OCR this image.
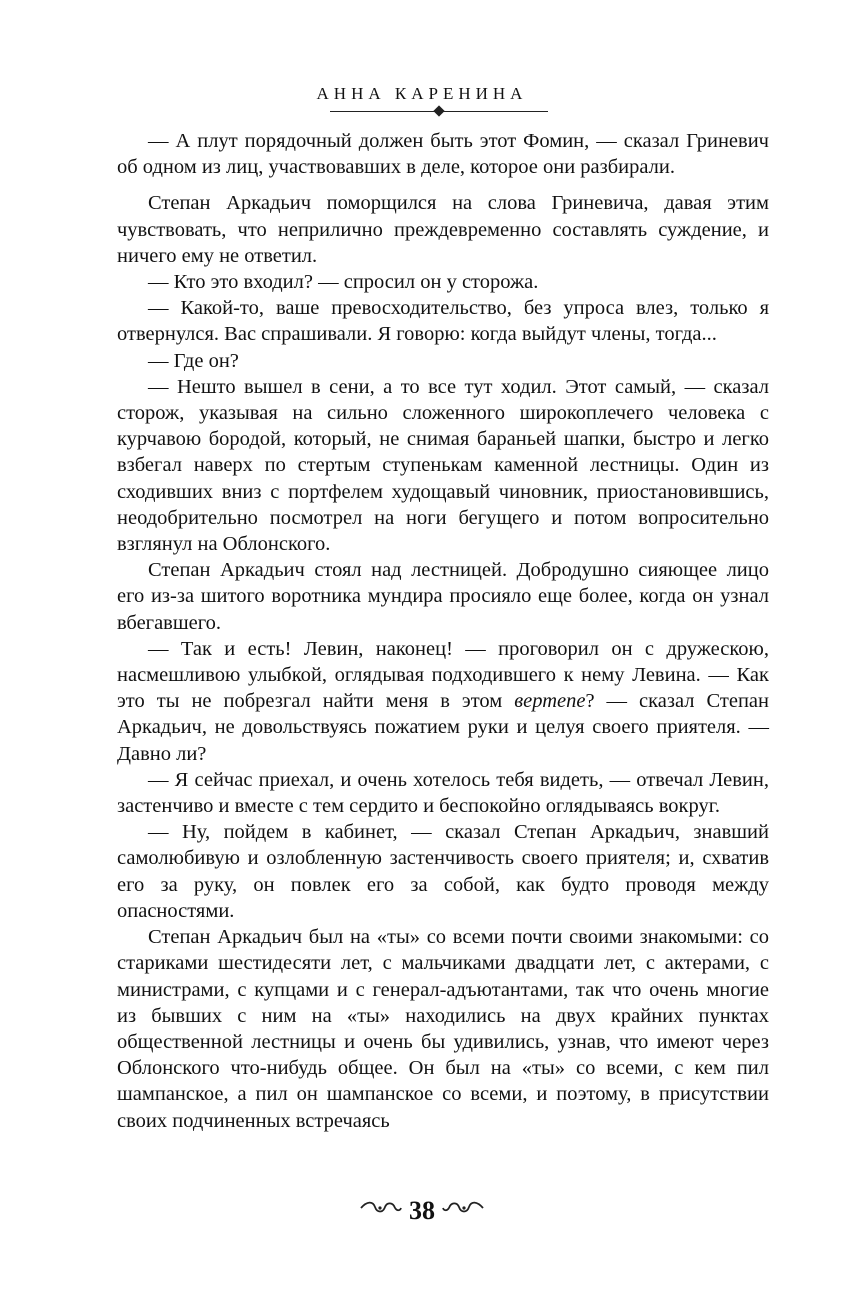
АННА КАРЕНИНА

— А плут порядочный должен быть этот Фомин, — сказал Гриневич об одном из лиц, участвовавших в деле, которое они разбирали.

Степан Аркадьич поморщился на слова Гриневича, давая этим чувствовать, что неприлично преждевременно составлять суждение, и ничего ему не ответил.

— Кто это входил? — спросил он у сторожа.

— Какой-то, ваше превосходительство, без упроса влез, только я отвернулся. Вас спрашивали. Я говорю: когда выйдут члены, тогда...

— Где он?

— Нешто вышел в сени, а то все тут ходил. Этот самый, — сказал сторож, указывая на сильно сложенного широкоплечего человека с курчавою бородой, который, не снимая бараньей шапки, быстро и легко взбегал наверх по стертым ступенькам каменной лестницы. Один из сходивших вниз с портфелем худощавый чиновник, приостановившись, неодобрительно посмотрел на ноги бегущего и потом вопросительно взглянул на Облонского.

Степан Аркадьич стоял над лестницей. Добродушно сияющее лицо его из-за шитого воротника мундира просияло еще более, когда он узнал вбегавшего.

— Так и есть! Левин, наконец! — проговорил он с дружескою, насмешливою улыбкой, оглядывая подходившего к нему Левина. — Как это ты не побрезгал найти меня в этом вертепе? — сказал Степан Аркадьич, не довольствуясь пожатием руки и целуя своего приятеля. — Давно ли?

— Я сейчас приехал, и очень хотелось тебя видеть, — отвечал Левин, застенчиво и вместе с тем сердито и беспокойно оглядываясь вокруг.

— Ну, пойдем в кабинет, — сказал Степан Аркадьич, знавший самолюбивую и озлобленную застенчивость своего приятеля; и, схватив его за руку, он повлек его за собой, как будто проводя между опасностями.

Степан Аркадьич был на «ты» со всеми почти своими знакомыми: со стариками шестидесяти лет, с мальчиками двадцати лет, с актерами, с министрами, с купцами и с генерал-адъютантами, так что очень многие из бывших с ним на «ты» находились на двух крайних пунктах общественной лестницы и очень бы удивились, узнав, что имеют через Облонского что-нибудь общее. Он был на «ты» со всеми, с кем пил шампанское, а пил он шампанское со всеми, и поэтому, в присутствии своих подчиненных встречаясь

38
